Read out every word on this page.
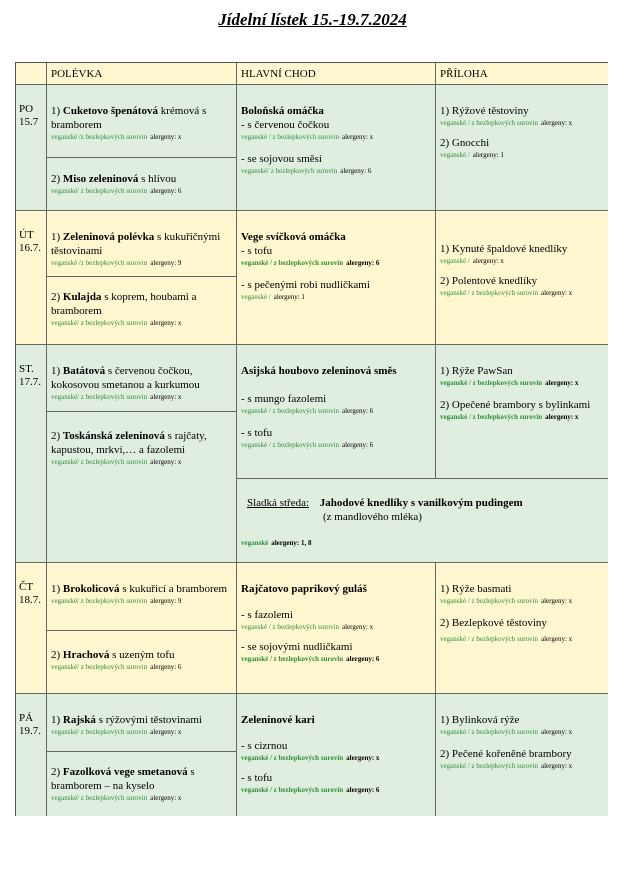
Jídelní lístek 15.-19.7.2024
POLÉVKA	HLAVNÍ CHOD	PŘÍLOHA
PO
15.7
1) Cuketovo špenátová krémová s bramborem
veganské /z bezlepkových surovin alergeny: x
2) Miso zeleninová s hlívou
veganské/ z bezlepkových surovin alergeny: 6
Boloňská omáčka
- s červenou čočkou
veganské / z bezlepkových surovin alergeny: x
- se sojovou směsí
veganské/ z bezlepkových surovin alergeny: 6
1) Rýžové těstoviny
veganské / z bezlepkových surovin alergeny: x
2) Gnocchi
veganské / alergeny: 1
ÚT
16.7.
1) Zeleninová polévka s kukuřičnými těstovinami
veganské /z bezlepkových surovin alergeny: 9
2) Kulajda s koprem, houbami a bramborem
veganské/ z bezlepkových surovin alergeny: x
Vege svíčková omáčka
- s tofu
veganské / z bezlepkových surovin alergeny: 6
- s pečenými robi nudličkami
veganské / alergeny: 1
1) Kynuté špaldové knedlíky
veganské / alergeny: x
2) Polentové knedlíky
veganské / z bezlepkových surovin alergeny: x
ST.
17.7.
1) Batátová s červenou čočkou, kokosovou smetanou a kurkumou
veganské/ z bezlepkových surovin alergeny: x
2) Toskánská zeleninová s rajčaty, kapustou, mrkví,… a fazolemi
veganské/ z bezlepkových surovin alergeny: x
Asijská houbovo zeleninová směs
- s mungo fazolemi
veganské / z bezlepkových surovin alergeny: 6
- s tofu
veganské / z bezlepkových surovin alergeny: 6
1) Rýže PawSan
veganské / z bezlepkových surovin alergeny: x
2) Opečené brambory s bylinkami
veganské / z bezlepkových surovin alergeny: x
Sladká středa: Jahodové knedlíky s vanilkovým pudingem
(z mandlového mléka)
veganské alergeny: 1, 8
ČT
18.7.
1) Brokolicová s kukuřicí a bramborem
veganské/ z bezlepkových surovin alergeny: 9
2) Hrachová s uzeným tofu
veganské/ z bezlepkových surovin alergeny: 6
Rajčatovo paprikový guláš
- s fazolemi
veganské / z bezlepkových surovin alergeny: x
- se sojovými nudličkami
veganské / z bezlepkových surovin alergeny: 6
1) Rýže basmati
veganské / z bezlepkových surovin alergeny: x
2) Bezlepkové těstoviny
veganské / z bezlepkových surovin alergeny: x
PÁ
19.7.
1) Rajská s rýžovými těstovinami
veganské/ z bezlepkových surovin alergeny: x
2) Fazolková vege smetanová s bramborem – na kyselo
veganské/ z bezlepkových surovin alergeny: x
Zeleninové kari
- s cizrnou
veganské / z bezlepkových surovin alergeny: x
- s tofu
veganské / z bezlepkových surovin alergeny: 6
1) Bylinková rýže
veganské / z bezlepkových surovin alergeny: x
2) Pečené kořeněné brambory
veganské / z bezlepkových surovin alergeny: x
